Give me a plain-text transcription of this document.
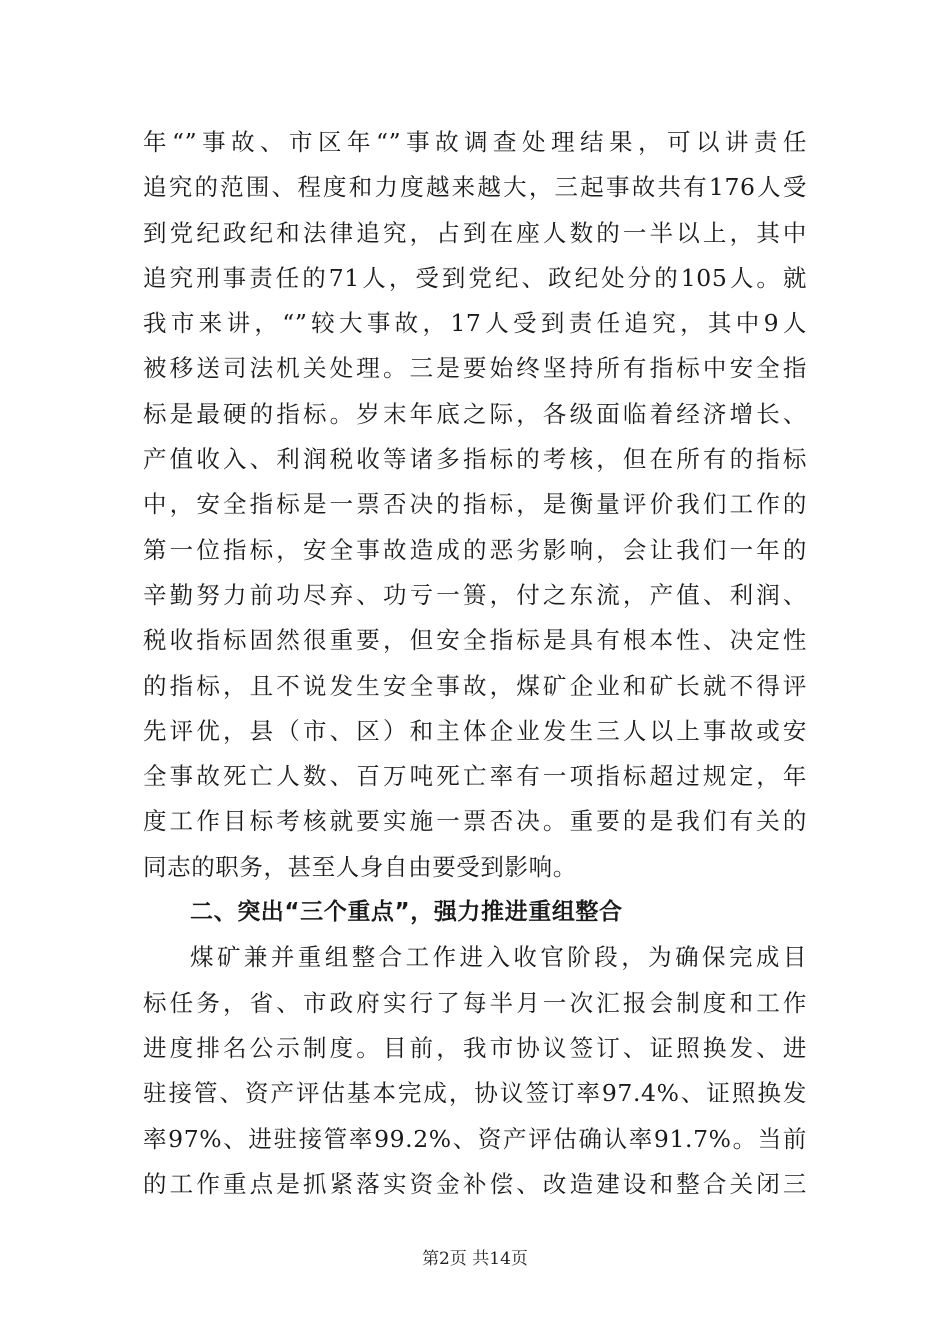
年“”事故、市区年“”事故调查处理结果，可以讲责任
追究的范围、程度和力度越来越大，三起事故共有176人受
到党纪政纪和法律追究，占到在座人数的一半以上，其中
追究刑事责任的71人，受到党纪、政纪处分的105人。就
我市来讲，“”较大事故，17人受到责任追究，其中9人
被移送司法机关处理。三是要始终坚持所有指标中安全指
标是最硬的指标。岁末年底之际，各级面临着经济增长、
产值收入、利润税收等诸多指标的考核，但在所有的指标
中，安全指标是一票否决的指标，是衡量评价我们工作的
第一位指标，安全事故造成的恶劣影响，会让我们一年的
辛勤努力前功尽弃、功亏一篑，付之东流，产值、利润、
税收指标固然很重要，但安全指标是具有根本性、决定性
的指标，且不说发生安全事故，煤矿企业和矿长就不得评
先评优，县（市、区）和主体企业发生三人以上事故或安
全事故死亡人数、百万吨死亡率有一项指标超过规定，年
度工作目标考核就要实施一票否决。重要的是我们有关的
同志的职务，甚至人身自由要受到影响。
二、突出“三个重点”，强力推进重组整合
煤矿兼并重组整合工作进入收官阶段，为确保完成目
标任务，省、市政府实行了每半月一次汇报会制度和工作
进度排名公示制度。目前，我市协议签订、证照换发、进
驻接管、资产评估基本完成，协议签订率97.4%、证照换发
率97%、进驻接管率99.2%、资产评估确认率91.7%。当前
的工作重点是抓紧落实资金补偿、改造建设和整合关闭三
第2页 共14页
